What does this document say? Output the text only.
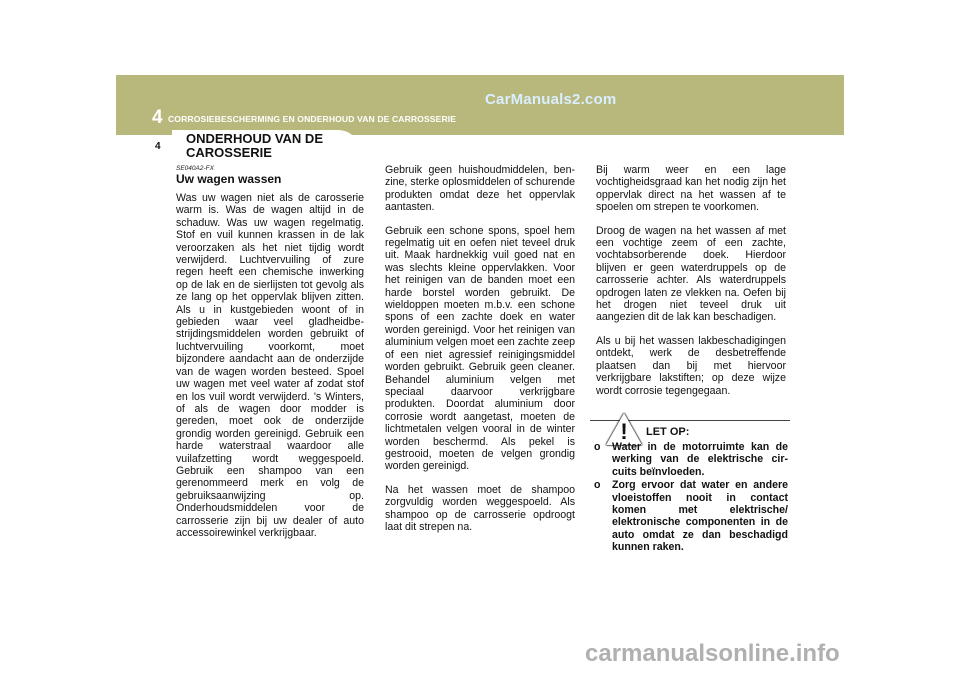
CarManuals2.com
4 CORROSIEBESCHERMING EN ONDERHOUD VAN DE CARROSSERIE
ONDERHOUD VAN DE CAROSSERIE
4
SE040A2-FX
Uw wagen wassen

Was uw wagen niet als de carosserie warm is. Was de wagen altijd in de schaduw. Was uw wagen regelmatig. Stof en vuil kunnen krassen in de lak veroorzaken als het niet tijdig wordt verwijderd. Luchtvervuiling of zure regen heeft een chemische inwerking op de lak en de sierlijsten tot gevolg als ze lang op het oppervlak blijven zitten. Als u in kustgebieden woont of in gebieden waar veel gladheidbe- strijdingsmiddelen worden gebruikt of luchtvervuiling voorkomt, moet bijzondere aandacht aan de onderzijde van de wagen worden besteed. Spoel uw wagen met veel water af zodat stof en los vuil wordt verwijderd. 's Winters, of als de wagen door modder is gereden, moet ook de onderzijde grondig worden gereinigd. Gebruik een harde waterstraal waardoor alle vuilafzetting wordt weggespoeld. Gebruik een shampoo van een gerenommeerd merk en volg de gebruiksaanwijzing op. Onderhoudsmiddelen voor de carrosserie zijn bij uw dealer of auto accessoirewinkel verkrijgbaar.

Gebruik geen huishoudmiddelen, ben- zine, sterke oplosmiddelen of schurende produkten omdat deze het oppervlak aantasten.

Gebruik een schone spons, spoel hem regelmatig uit en oefen niet teveel druk uit. Maak hardnekkig vuil goed nat en was slechts kleine oppervlakken. Voor het reinigen van de banden moet een harde borstel worden gebruikt. De wieldoppen moeten m.b.v. een schone spons of een zachte doek en water worden gereinigd. Voor het reinigen van aluminium velgen moet een zachte zeep of een niet agressief reinigingsmiddel worden gebruikt. Gebruik geen cleaner. Behandel aluminium velgen met speciaal daarvoor verkrijgbare produkten. Doordat aluminium door corrosie wordt aangetast, moeten de lichtmetalen velgen vooral in de winter worden beschermd. Als pekel is gestrooid, moeten de velgen grondig worden gereinigd.

Na het wassen moet de shampoo zorgvuldig worden weggespoeld. Als shampoo op de carrosserie opdroogt laat dit strepen na.

Bij warm weer en een lage vochtigheidsgraad kan het nodig zijn het oppervlak direct na het wassen af te spoelen om strepen te voorkomen.

Droog de wagen na het wassen af met een vochtige zeem of een zachte, vochtabsorberende doek. Hierdoor blijven er geen waterdruppels op de carrosserie achter. Als waterdruppels opdrogen laten ze vlekken na. Oefen bij het drogen niet teveel druk uit aangezien dit de lak kan beschadigen.

Als u bij het wassen lakbeschadigingen ontdekt, werk de desbetreffende plaatsen dan bij met hiervoor verkrijgbare lakstiften; op deze wijze wordt corrosie tegengegaan.

! LET OP:
o Water in de motorruimte kan de werking van de elektrische cir- cuits beïnvloeden.
o Zorg ervoor dat water en andere vloeistoffen nooit in contact komen met elektrische/ elektronische componenten in de auto omdat ze dan beschadigd kunnen raken.
carmanualsonline.info
